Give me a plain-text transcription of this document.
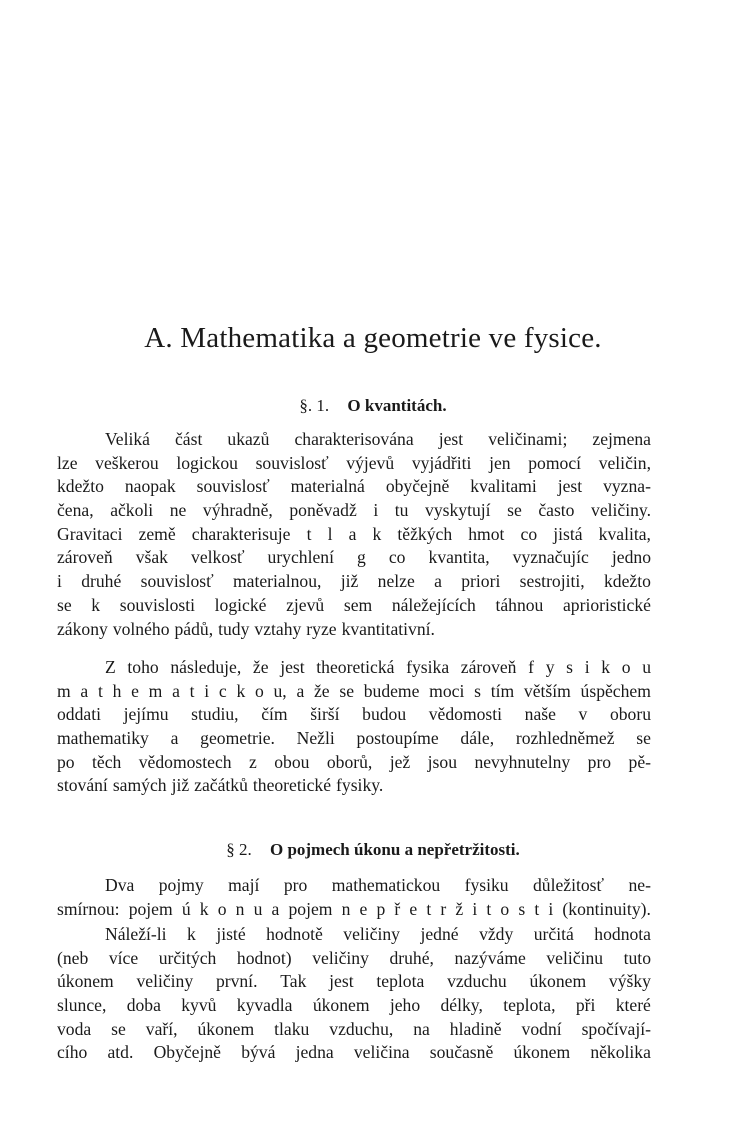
A. Mathematika a geometrie ve fysice.
§. 1. O kvantitách.
Veliká část ukazů charakterisována jest veličinami; zejmena
lze veškerou logickou souvislosť výjevů vyjádřiti jen pomocí veličin,
kdežto naopak souvislosť materialná obyčejně kvalitami jest vyzna-
čena, ačkoli ne výhradně, poněvadž i tu vyskytují se často veličiny.
Gravitaci země charakterisuje t l a k těžkých hmot co jistá kvalita,
zároveň však velkosť urychlení g co kvantita, vyznačujíc jedno
i druhé souvislosť materialnou, již nelze a priori sestrojiti, kdežto
se k souvislosti logické zjevů sem náležejících táhnou aprioristické
zákony volného pádů, tudy vztahy ryze kvantitativní.
Z toho následuje, že jest theoretická fysika zároveň f y s i k o u
m a t h e m a t i c k o u, a že se budeme moci s tím větším úspěchem
oddati jejímu studiu, čím širší budou vědomosti naše v oboru
mathematiky a geometrie. Nežli postoupíme dále, rozhledněmež se
po těch vědomostech z obou oborů, jež jsou nevyhnutelny pro pě-
stování samých již začátků theoretické fysiky.
§ 2. O pojmech úkonu a nepřetržitosti.
Dva pojmy mají pro mathematickou fysiku důležitosť ne-
smírnou: pojem ú k o n u a pojem n e p ř e t r ž i t o s t i (kontinuity).
Náleží-li k jisté hodnotě veličiny jedné vždy určitá hodnota
(neb více určitých hodnot) veličiny druhé, nazýváme veličinu tuto
úkonem veličiny první. Tak jest teplota vzduchu úkonem výšky
slunce, doba kyvů kyvadla úkonem jeho délky, teplota, při které
voda se vaří, úkonem tlaku vzduchu, na hladině vodní spočívají-
cího atd. Obyčejně bývá jedna veličina současně úkonem několika
